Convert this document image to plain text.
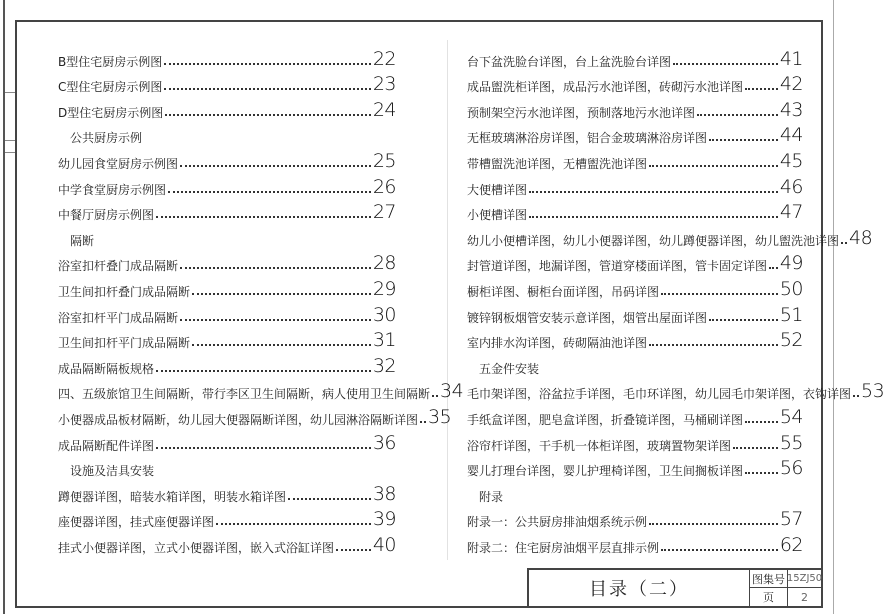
B型住宅厨房示例图	22
C型住宅厨房示例图	23
D型住宅厨房示例图	24
公共厨房示例
幼儿园食堂厨房示例图	25
中学食堂厨房示例图	26
中餐厅厨房示例图	27
隔断
浴室扣杆叠门成品隔断	28
卫生间扣杆叠门成品隔断	29
浴室扣杆平门成品隔断	30
卫生间扣杆平门成品隔断	31
成品隔断隔板规格	32
四、五级旅馆卫生间隔断，带行李区卫生间隔断，病人使用卫生间隔断 34
小便器成品板材隔断，幼儿园大便器隔断详图，幼儿园淋浴隔断详图 35
成品隔断配件详图	36
设施及洁具安装
蹲便器详图，暗装水箱详图，明装水箱详图	38
座便器详图，挂式座便器详图	39
挂式小便器详图，立式小便器详图，嵌入式浴缸详图 40
台下盆洗脸台详图，台上盆洗脸台详图	41
成品盥洗柜详图，成品污水池详图，砖砌污水池详图 42
预制架空污水池详图，预制落地污水池详图	43
无框玻璃淋浴房详图，铝合金玻璃淋浴房详图	44
带槽盥洗池详图，无槽盥洗池详图	45
大便槽详图	46
小便槽详图	47
幼儿小便槽详图，幼儿小便器详图，幼儿蹲便器详图，幼儿盥洗池详图 48
封管道详图，地漏详图，管道穿楼面详图，管卡固定详图 49
橱柜详图、橱柜台面详图，吊码详图	50
镀锌钢板烟管安装示意详图，烟管出屋面详图	51
室内排水沟详图，砖砌隔油池详图	52
五金件安装
毛巾架详图，浴盆拉手详图，毛巾环详图，幼儿园毛巾架详图，衣钩详图 53
手纸盒详图，肥皂盒详图，折叠镜详图，马桶刷详图 54
浴帘杆详图，干手机一体柜详图，玻璃置物架详图	55
婴儿打理台详图，婴儿护理椅详图，卫生间搁板详图 56
附录
附录一：公共厨房排油烟系统示例	57
附录二：住宅厨房油烟平层直排示例	62
目录（二）	图集号 15ZJ50
页	2
